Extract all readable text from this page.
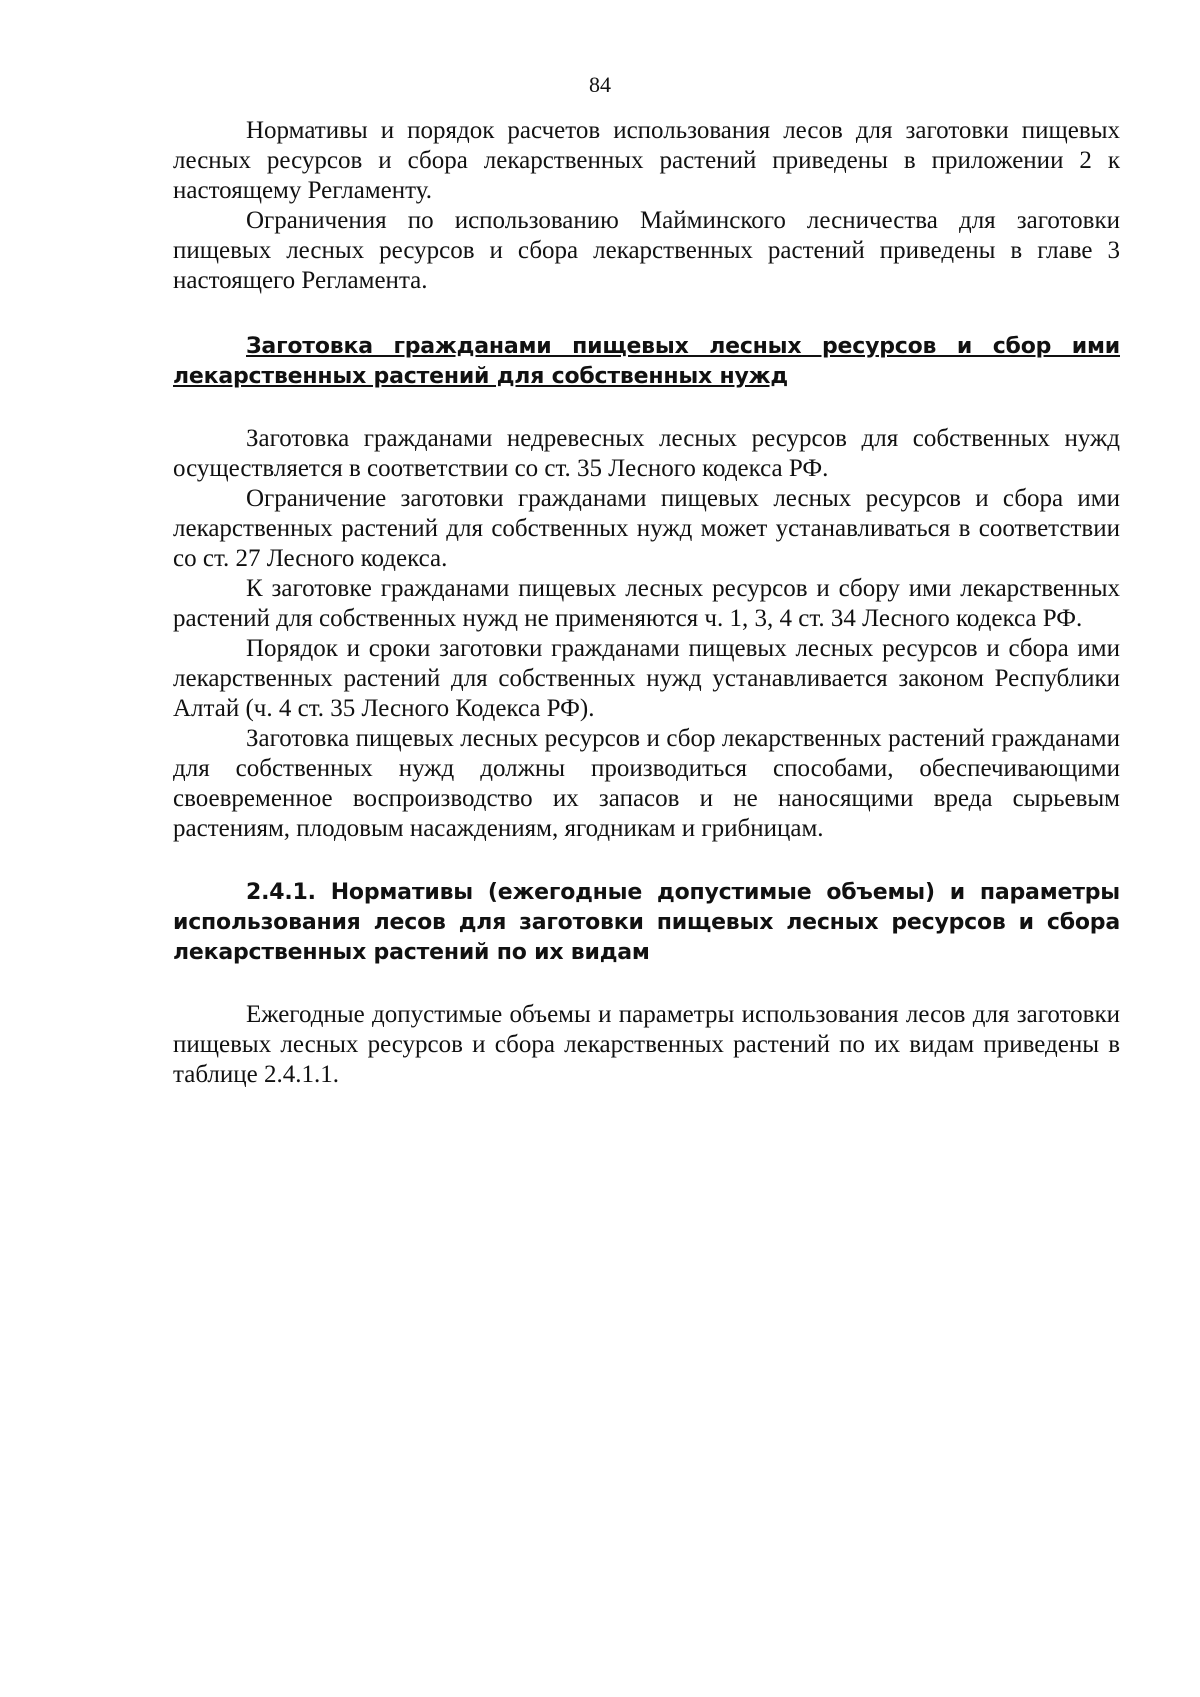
84

Нормативы и порядок расчетов использования лесов для заготовки пищевых лесных ресурсов и сбора лекарственных растений приведены в приложении 2 к настоящему Регламенту.

Ограничения по использованию Майминского лесничества для заготовки пищевых лесных ресурсов и сбора лекарственных растений приведены в главе 3 настоящего Регламента.

Заготовка гражданами пищевых лесных ресурсов и сбор ими лекарственных растений для собственных нужд

Заготовка гражданами недревесных лесных ресурсов для собственных нужд осуществляется в соответствии со ст. 35 Лесного кодекса РФ.

Ограничение заготовки гражданами пищевых лесных ресурсов и сбора ими лекарственных растений для собственных нужд может устанавливаться в соответствии со ст. 27 Лесного кодекса.

К заготовке гражданами пищевых лесных ресурсов и сбору ими лекарственных растений для собственных нужд не применяются ч. 1, 3, 4 ст. 34 Лесного кодекса РФ.

Порядок и сроки заготовки гражданами пищевых лесных ресурсов и сбора ими лекарственных растений для собственных нужд устанавливается законом Республики Алтай (ч. 4 ст. 35 Лесного Кодекса РФ).

Заготовка пищевых лесных ресурсов и сбор лекарственных растений гражданами для собственных нужд должны производиться способами, обеспечивающими своевременное воспроизводство их запасов и не наносящими вреда сырьевым растениям, плодовым насаждениям, ягодникам и грибницам.

2.4.1. Нормативы (ежегодные допустимые объемы) и параметры использования лесов для заготовки пищевых лесных ресурсов и сбора лекарственных растений по их видам

Ежегодные допустимые объемы и параметры использования лесов для заготовки пищевых лесных ресурсов и сбора лекарственных растений по их видам приведены в таблице 2.4.1.1.
